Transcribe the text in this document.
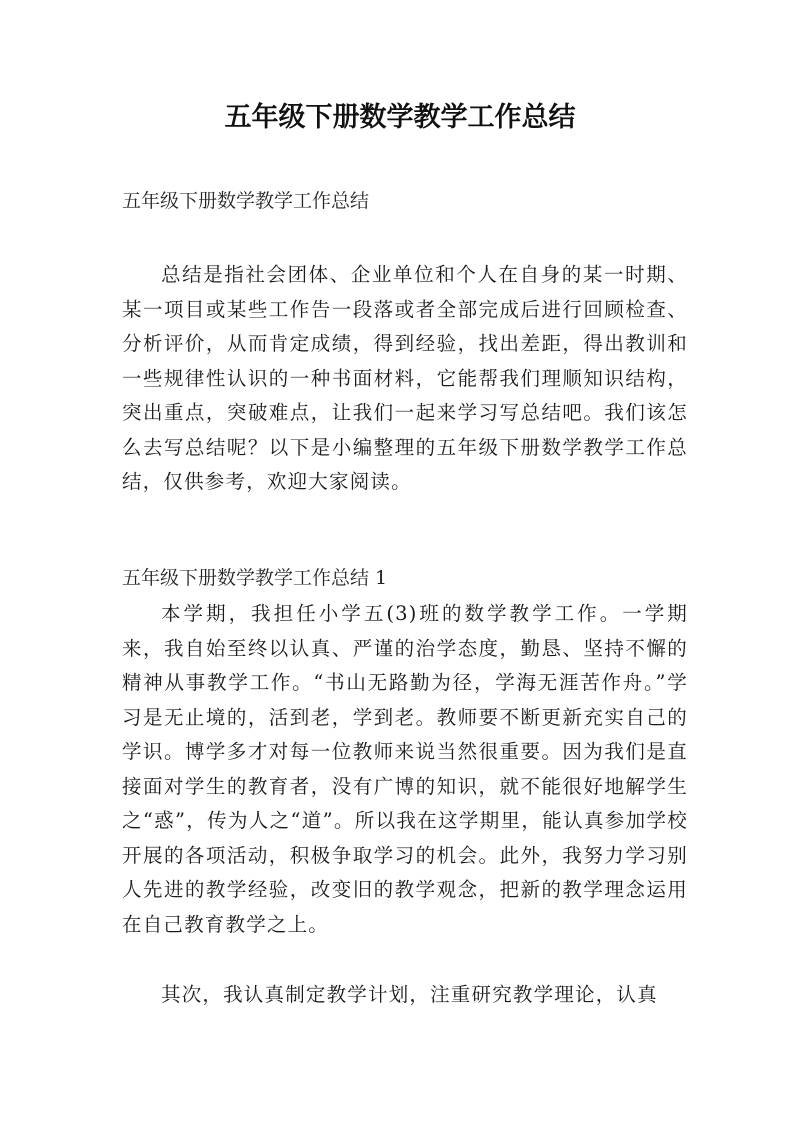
五年级下册数学教学工作总结

五年级下册数学教学工作总结

总结是指社会团体、企业单位和个人在自身的某一时期、某一项目或某些工作告一段落或者全部完成后进行回顾检查、分析评价，从而肯定成绩，得到经验，找出差距，得出教训和一些规律性认识的一种书面材料，它能帮我们理顺知识结构，突出重点，突破难点，让我们一起来学习写总结吧。我们该怎么去写总结呢？以下是小编整理的五年级下册数学教学工作总结，仅供参考，欢迎大家阅读。

五年级下册数学教学工作总结 1

本学期，我担任小学五(3)班的数学教学工作。一学期来，我自始至终以认真、严谨的治学态度，勤恳、坚持不懈的精神从事教学工作。“书山无路勤为径，学海无涯苦作舟。”学习是无止境的，活到老，学到老。教师要不断更新充实自己的学识。博学多才对每一位教师来说当然很重要。因为我们是直接面对学生的教育者，没有广博的知识，就不能很好地解学生之“惑”，传为人之“道”。所以我在这学期里，能认真参加学校开展的各项活动，积极争取学习的机会。此外，我努力学习别人先进的教学经验，改变旧的教学观念，把新的教学理念运用在自己教育教学之上。

其次，我认真制定教学计划，注重研究教学理论，认真
